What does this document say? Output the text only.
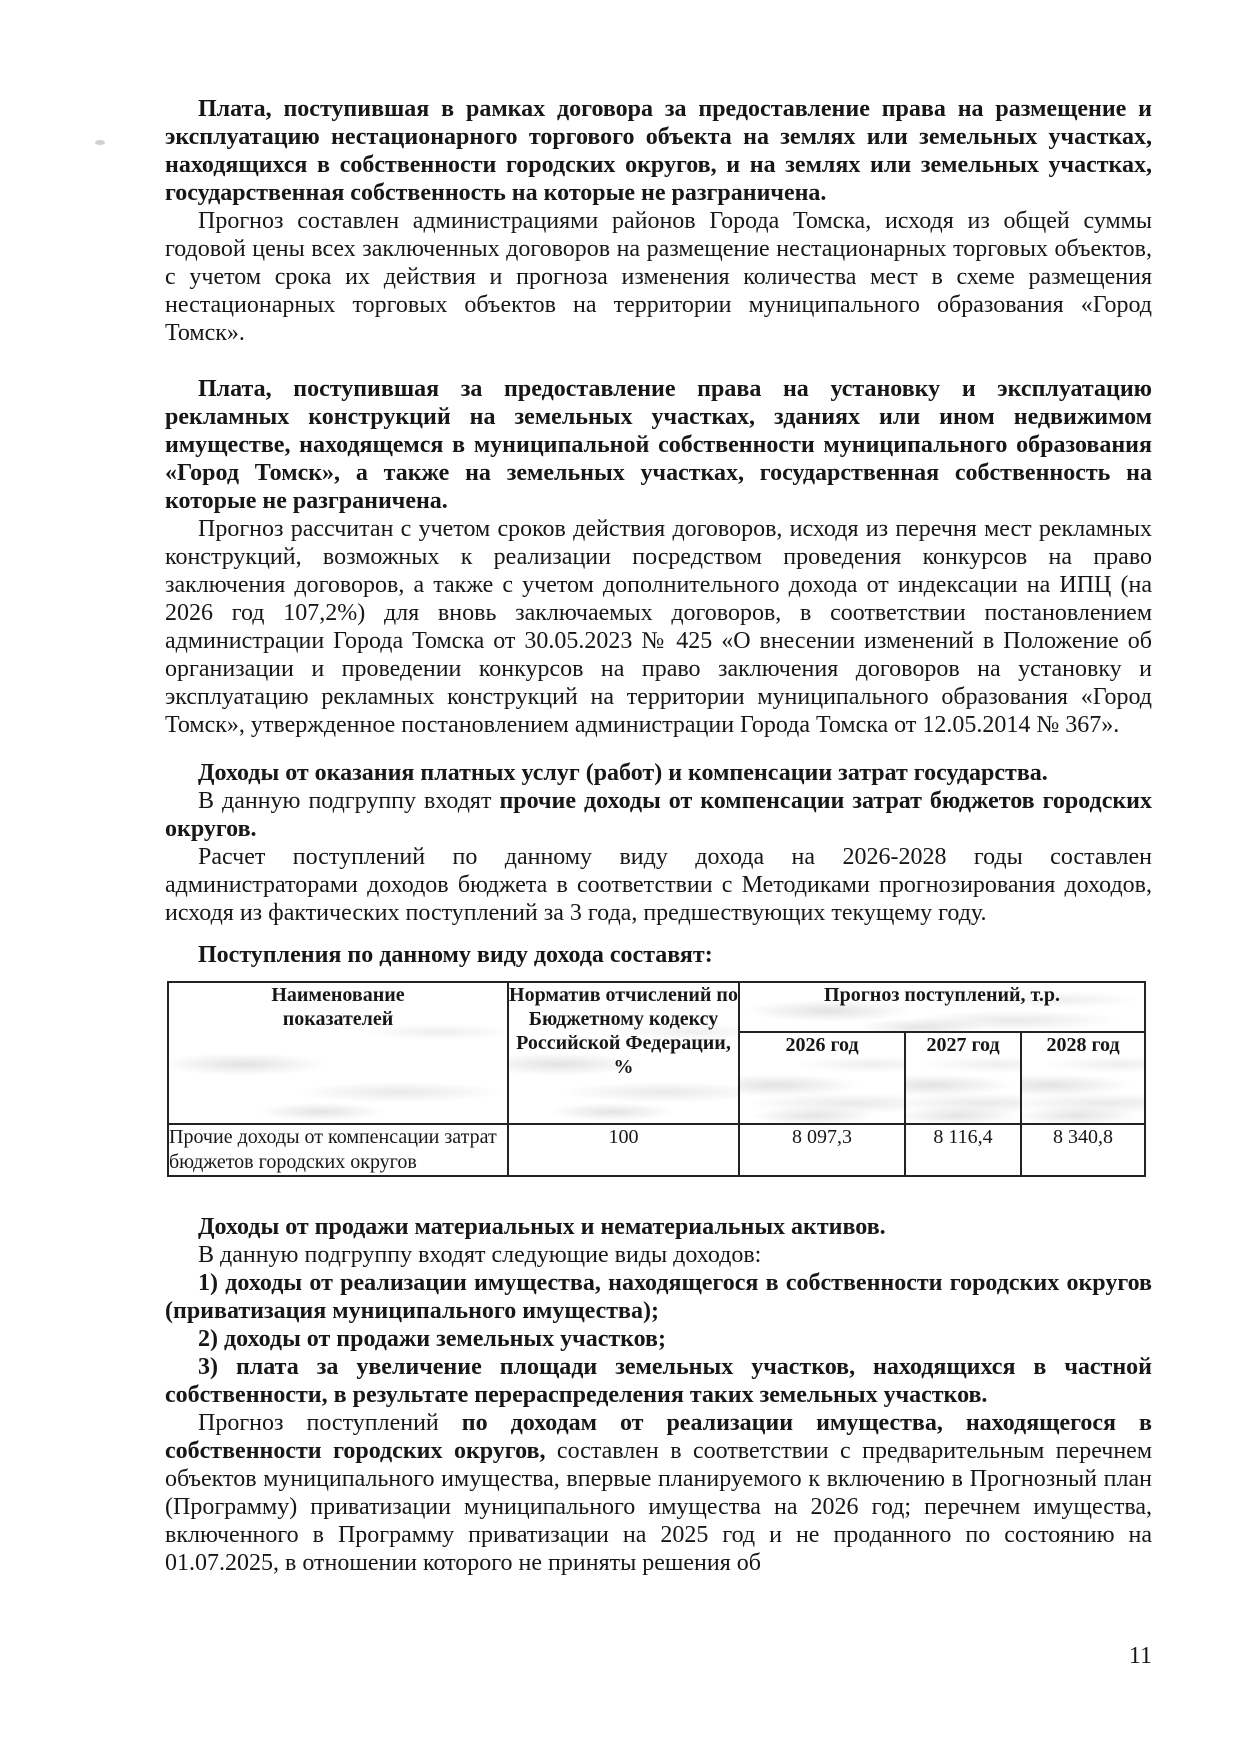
Плата, поступившая в рамках договора за предоставление права на размещение и эксплуатацию нестационарного торгового объекта на землях или земельных участках, находящихся в собственности городских округов, и на землях или земельных участках, государственная собственность на которые не разграничена.

Прогноз составлен администрациями районов Города Томска, исходя из общей суммы годовой цены всех заключенных договоров на размещение нестационарных торговых объектов, с учетом срока их действия и прогноза изменения количества мест в схеме размещения нестационарных торговых объектов на территории муниципального образования «Город Томск».

Плата, поступившая за предоставление права на установку и эксплуатацию рекламных конструкций на земельных участках, зданиях или ином недвижимом имуществе, находящемся в муниципальной собственности муниципального образования «Город Томск», а также на земельных участках, государственная собственность на которые не разграничена.

Прогноз рассчитан с учетом сроков действия договоров, исходя из перечня мест рекламных конструкций, возможных к реализации посредством проведения конкурсов на право заключения договоров, а также с учетом дополнительного дохода от индексации на ИПЦ (на 2026 год 107,2%) для вновь заключаемых договоров, в соответствии постановлением администрации Города Томска от 30.05.2023 № 425 «О внесении изменений в Положение об организации и проведении конкурсов на право заключения договоров на установку и эксплуатацию рекламных конструкций на территории муниципального образования «Город Томск», утвержденное постановлением администрации Города Томска от 12.05.2014 № 367».

Доходы от оказания платных услуг (работ) и компенсации затрат государства.

В данную подгруппу входят прочие доходы от компенсации затрат бюджетов городских округов.

Расчет поступлений по данному виду дохода на 2026-2028 годы составлен администраторами доходов бюджета в соответствии с Методиками прогнозирования доходов, исходя из фактических поступлений за 3 года, предшествующих текущему году.

Поступления по данному виду дохода составят:

Наименование показателей	Норматив отчислений по Бюджетному кодексу Российской Федерации, %	Прогноз поступлений, т.р.		
		2026 год	2027 год	2028 год
Прочие доходы от компенсации затрат бюджетов городских округов	100	8 097,3	8 116,4	8 340,8

Доходы от продажи материальных и нематериальных активов.

В данную подгруппу входят следующие виды доходов:

1) доходы от реализации имущества, находящегося в собственности городских округов (приватизация муниципального имущества);

2) доходы от продажи земельных участков;

3) плата за увеличение площади земельных участков, находящихся в частной собственности, в результате перераспределения таких земельных участков.

Прогноз поступлений по доходам от реализации имущества, находящегося в собственности городских округов, составлен в соответствии с предварительным перечнем объектов муниципального имущества, впервые планируемого к включению в Прогнозный план (Программу) приватизации муниципального имущества на 2026 год; перечнем имущества, включенного в Программу приватизации на 2025 год и не проданного по состоянию на 01.07.2025, в отношении которого не приняты решения об

11
